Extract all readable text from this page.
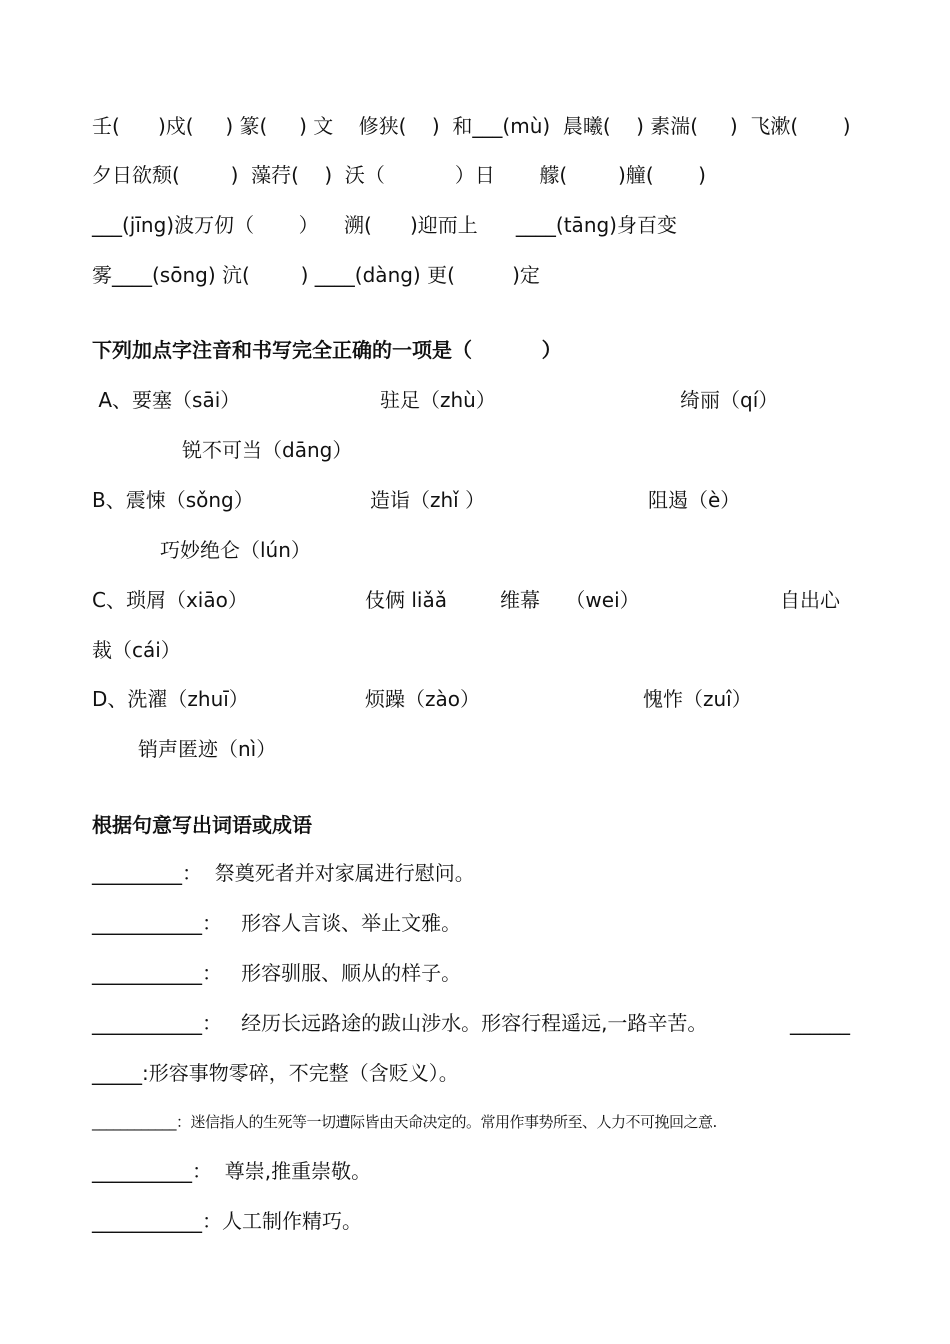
壬(      )戍(     ) 篆(     ) 文    修狭(    )  和___(mù)  晨曦(    ) 素湍(     )  飞漱(       )
夕日欲颓(        )  藻荇(    )  沃（           ）日       艨(        )艟(       )
___(jīng)波万仞（       ）    溯(      )迎而上      ____(tāng)身百变
雾____(sōng) 沆(        ) ____(dàng) 更(         )定
下列加点字注音和书写完全正确的一项是（          ）
A、要塞（sāi）	驻足（zhù）	绮丽（qí）
锐不可当（dāng）
B、震悚（sǒng）	造诣（zhǐ ）	阻遏（è）
巧妙绝仑（lún）
C、琐屑（xiāo）	伎俩 liǎǎ	维幕    （wei）	自出心
裁（cái）
D、洗濯（zhuī）	烦躁（zào）	愧怍（zuî）
销声匿迹（nì）
根据句意写出词语或成语
_________：  祭奠死者并对家属进行慰问。
___________：   形容人言谈、举止文雅。
___________：   形容驯服、顺从的样子。
___________：   经历长远路途的跋山涉水。形容行程遥远,一路辛苦。	______
_____:形容事物零碎，不完整（含贬义）。
____________：迷信指人的生死等一切遭际皆由天命决定的。常用作事势所至、人力不可挽回之意.
__________：  尊崇,推重崇敬。
___________：人工制作精巧。
